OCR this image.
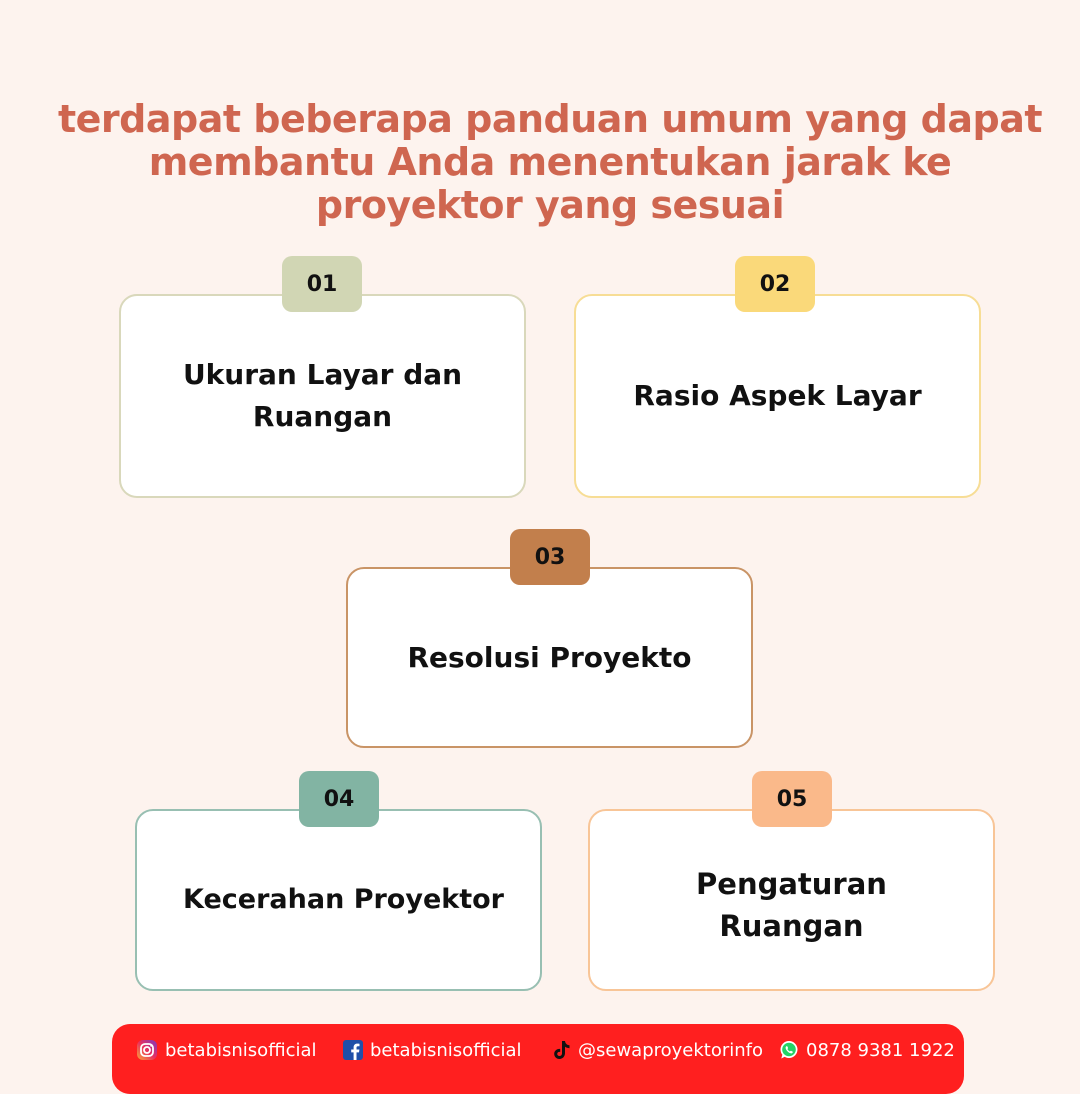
terdapat beberapa panduan umum yang dapat
membantu Anda menentukan jarak ke
proyektor yang sesuai
Ukuran Layar dan
Ruangan
01
Rasio Aspek Layar
02
Resolusi Proyekto
03
Kecerahan Proyektor
04
Pengaturan Ruangan
05
betabisnisofficial	betabisnisofficial	@sewaproyektorinfo 0878 9381 1922
